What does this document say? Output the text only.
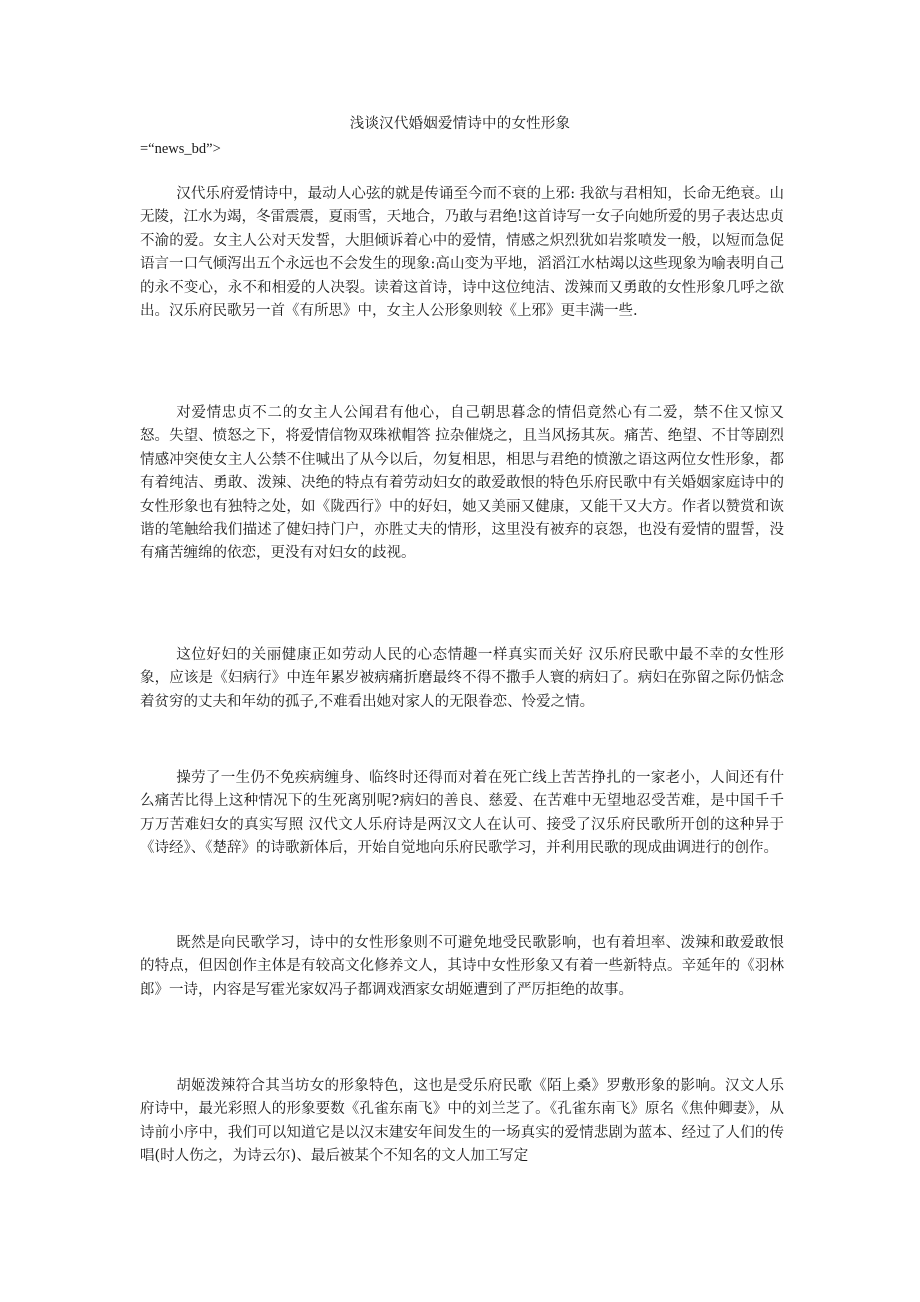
浅谈汉代婚姻爱情诗中的女性形象
=“news_bd”>

汉代乐府爱情诗中，最动人心弦的就是传诵至今而不衰的上邪: 我欲与君相知，长命无绝衰。山无陵，江水为竭，冬雷震震，夏雨雪，天地合，乃敢与君绝!这首诗写一女子向她所爱的男子表达忠贞不渝的爱。女主人公对天发誓，大胆倾诉着心中的爱情，情感之炽烈犹如岩浆喷发一般，以短而急促语言一口气倾泻出五个永远也不会发生的现象:高山变为平地，滔滔江水枯竭以这些现象为喻表明自己的永不变心，永不和相爱的人决裂。读着这首诗，诗中这位纯洁、泼辣而又勇敢的女性形象几呼之欲出。汉乐府民歌另一首《有所思》中，女主人公形象则较《上邪》更丰满一些.

对爱情忠贞不二的女主人公闻君有他心，自己朝思暮念的情侣竟然心有二爱，禁不住又惊又怒。失望、愤怒之下，将爱情信物双珠袱帽答 拉杂催烧之，且当风扬其灰。痛苦、绝望、不甘等剧烈情感冲突使女主人公禁不住喊出了从今以后，勿复相思，相思与君绝的愤激之语这两位女性形象，都有着纯洁、勇敢、泼辣、决绝的特点有着劳动妇女的敢爱敢恨的特色乐府民歌中有关婚姻家庭诗中的女性形象也有独特之处，如《陇西行》中的好妇，她又美丽又健康，又能干又大方。作者以赞赏和诙谐的笔触给我们描述了健妇持门户，亦胜丈夫的情形，这里没有被弃的哀怨，也没有爱情的盟誓，没有痛苦缠绵的依恋，更没有对妇女的歧视。

这位好妇的关丽健康正如劳动人民的心态情趣一样真实而关好 汉乐府民歌中最不幸的女性形象，应该是《妇病行》中连年累岁被病痛折磨最终不得不撒手人寰的病妇了。病妇在弥留之际仍惦念着贫穷的丈夫和年幼的孤子,不难看出她对家人的无限眷恋、怜爱之情。

操劳了一生仍不免疾病缠身、临终时还得而对着在死亡线上苦苦挣扎的一家老小，人间还有什么痛苦比得上这种情况下的生死离别呢?病妇的善良、慈爱、在苦难中无望地忍受苦难，是中国千千万万苦难妇女的真实写照 汉代文人乐府诗是两汉文人在认可、接受了汉乐府民歌所开创的这种异于《诗经》、《楚辞》的诗歌新体后，开始自觉地向乐府民歌学习，并利用民歌的现成曲调进行的创作。

既然是向民歌学习，诗中的女性形象则不可避免地受民歌影响，也有着坦率、泼辣和敢爱敢恨的特点，但因创作主体是有较高文化修养文人，其诗中女性形象又有着一些新特点。辛延年的《羽林郎》一诗，内容是写霍光家奴冯子都调戏酒家女胡姬遭到了严厉拒绝的故事。

胡姬泼辣符合其当坊女的形象特色，这也是受乐府民歌《陌上桑》罗敷形象的影响。汉文人乐府诗中，最光彩照人的形象要数《孔雀东南飞》中的刘兰芝了。《孔雀东南飞》原名《焦仲卿妻》，从诗前小序中，我们可以知道它是以汉末建安年间发生的一场真实的爱情悲剧为蓝本、经过了人们的传唱(时人伤之，为诗云尔)、最后被某个不知名的文人加工写定
